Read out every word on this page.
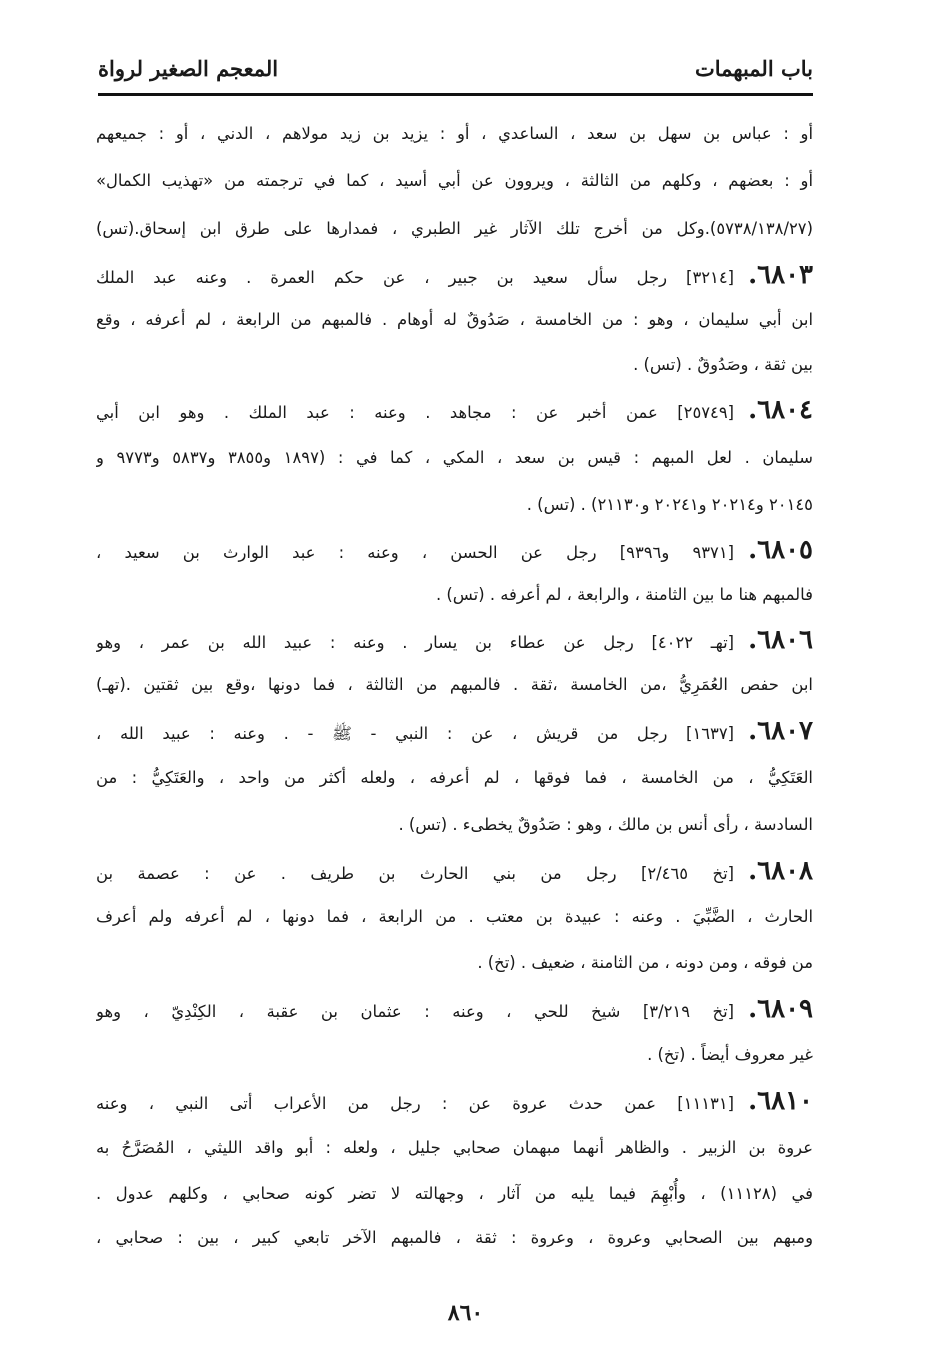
باب المبهمات
المعجم الصغير لرواة
أو : عباس بن سهل بن سعد ، الساعدي ، أو : يزيد بن زيد مولاهم ، الدني ، أو : جميعهم
أو : بعضهم ، وكلهم من الثالثة ، ويروون عن أبي أسيد ، كما في ترجمته من «تهذيب الكمال»
(٥٧٣٨/١٣٨/٢٧).وكل من أخرج تلك الآثار غير الطبري ، فمدارها على طرق ابن إسحاق.(تس)
٦٨٠٣.
[٣٢١٤] رجل سأل سعيد بن جبير ، عن حكم العمرة . وعنه عبد الملك
ابن أبي سليمان ، وهو : من الخامسة ، صَدُوقٌ له أوهام . فالمبهم من الرابعة ، لم أعرفه ، وقع
بين ثقة ، وصَدُوقٌ . (تس) .
٦٨٠٤.
[٢٥٧٤٩] عمن أخبر عن : مجاهد . وعنه : عبد الملك . وهو ابن أبي
سليمان . لعل المبهم : قيس بن سعد ، المكي ، كما في : (١٨٩٧ و٣٨٥٥ و٥٨٣٧ و٩٧٧٣ و
٢٠١٤٥ و٢٠٢١٤ و٢٠٢٤١ و٢١١٣٠) . (تس) .
٦٨٠٥.
[٩٣٧١ و٩٣٩٦] رجل عن الحسن ، وعنه : عبد الوارث بن سعيد ،
فالمبهم هنا ما بين الثامنة ، والرابعة ، لم أعرفه . (تس) .
٦٨٠٦.
[تهـ ٤٠٢٢] رجل عن عطاء بن يسار . وعنه : عبيد الله بن عمر ، وهو
ابن حفص العُمَرِيُّ ،من الخامسة ،ثقة . فالمبهم من الثالثة ، فما دونها ،وقع بين ثقتين .(تهـ)
٦٨٠٧.
[١٦٣٧] رجل من قريش ، عن : النبي - ﷺ - . وعنه : عبيد الله ،
العَتَكِيُّ ، من الخامسة ، فما فوقها ، لم أعرفه ، ولعله أكثر من واحد ، والعَتَكِيُّ : من
السادسة ، رأى أنس بن مالك ، وهو : صَدُوقٌ يخطىء . (تس) .
٦٨٠٨.
[تخ ٢/٤٦٥] رجل من بني الحارث بن طريف . عن : عصمة بن
الحارث ، الضَّبِّيَ . وعنه : عبيدة بن معتب . من الرابعة ، فما دونها ، لم أعرفه ولم أعرف
من فوقه ، ومن دونه ، من الثامنة ، ضعيف . (تخ) .
٦٨٠٩.
[تخ ٣/٢١٩] شيخ للحي ، وعنه : عثمان بن عقبة ، الكِنْدِيّ ، وهو
غير معروف أيضاً . (تخ) .
٦٨١٠.
[١١١٣١] عمن حدث عروة عن : رجل من الأعراب أتى النبي ، وعنه
عروة بن الزبير . والظاهر أنهما مبهمان صحابي جليل ، ولعله : أبو واقد الليثي ، المُصَرَّحُ به
في (١١١٢٨) ، وأُبْهِمَ فيما يليه من آثار ، وجهالته لا تضر كونه صحابي ، وكلهم عدول .
ومبهم بين الصحابي وعروة ، وعروة : ثقة ، فالمبهم الآخر تابعي كبير ، بين : صحابي ،
٨٦٠
